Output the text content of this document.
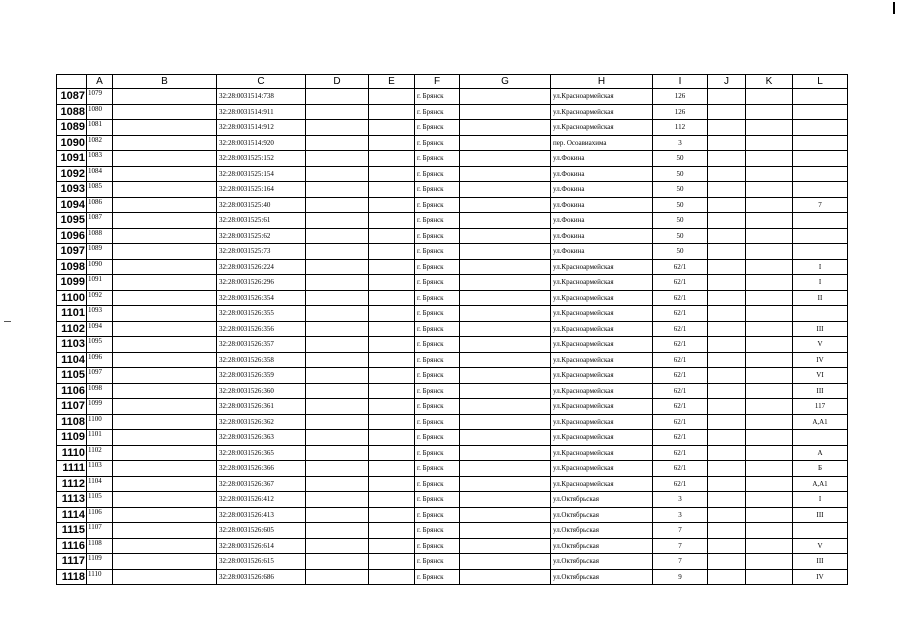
	A	B	C	D	E	F	G	H	I	J	K	L
1087	1079		32:28:0031514:738			г. Брянск		ул.Красноармейская	126			
1088	1080		32:28:0031514:911			г. Брянск		ул.Красноармейская	126			
1089	1081		32:28:0031514:912			г. Брянск		ул.Красноармейская	112			
1090	1082		32:28:0031514:920			г. Брянск		пер. Осоавиахима	3			
1091	1083		32:28:0031525:152			г. Брянск		ул.Фокина	50			
1092	1084		32:28:0031525:154			г. Брянск		ул.Фокина	50			
1093	1085		32:28:0031525:164			г. Брянск		ул.Фокина	50			
1094	1086		32:28:0031525:40			г. Брянск		ул.Фокина	50			7
1095	1087		32:28:0031525:61			г. Брянск		ул.Фокина	50			
1096	1088		32:28:0031525:62			г. Брянск		ул.Фокина	50			
1097	1089		32:28:0031525:73			г. Брянск		ул.Фокина	50			
1098	1090		32:28:0031526:224			г. Брянск		ул.Красноармейская	62/1			I
1099	1091		32:28:0031526:296			г. Брянск		ул.Красноармейская	62/1			I
1100	1092		32:28:0031526:354			г. Брянск		ул.Красноармейская	62/1			II
1101	1093		32:28:0031526:355			г. Брянск		ул.Красноармейская	62/1			
1102	1094		32:28:0031526:356			г. Брянск		ул.Красноармейская	62/1			III
1103	1095		32:28:0031526:357			г. Брянск		ул.Красноармейская	62/1			V
1104	1096		32:28:0031526:358			г. Брянск		ул.Красноармейская	62/1			IV
1105	1097		32:28:0031526:359			г. Брянск		ул.Красноармейская	62/1			VI
1106	1098		32:28:0031526:360			г. Брянск		ул.Красноармейская	62/1			III
1107	1099		32:28:0031526:361			г. Брянск		ул.Красноармейская	62/1			117
1108	1100		32:28:0031526:362			г. Брянск		ул.Красноармейская	62/1			А,А1
1109	1101		32:28:0031526:363			г. Брянск		ул.Красноармейская	62/1			
1110	1102		32:28:0031526:365			г. Брянск		ул.Красноармейская	62/1			А
1111	1103		32:28:0031526:366			г. Брянск		ул.Красноармейская	62/1			Б
1112	1104		32:28:0031526:367			г. Брянск		ул.Красноармейская	62/1			А,А1
1113	1105		32:28:0031526:412			г. Брянск		ул.Октябрьская	3			I
1114	1106		32:28:0031526:413			г. Брянск		ул.Октябрьская	3			III
1115	1107		32:28:0031526:605			г. Брянск		ул.Октябрьская	7			
1116	1108		32:28:0031526:614			г. Брянск		ул.Октябрьская	7			V
1117	1109		32:28:0031526:615			г. Брянск		ул.Октябрьская	7			III
1118	1110		32:28:0031526:686			г. Брянск		ул.Октябрьская	9			IV
